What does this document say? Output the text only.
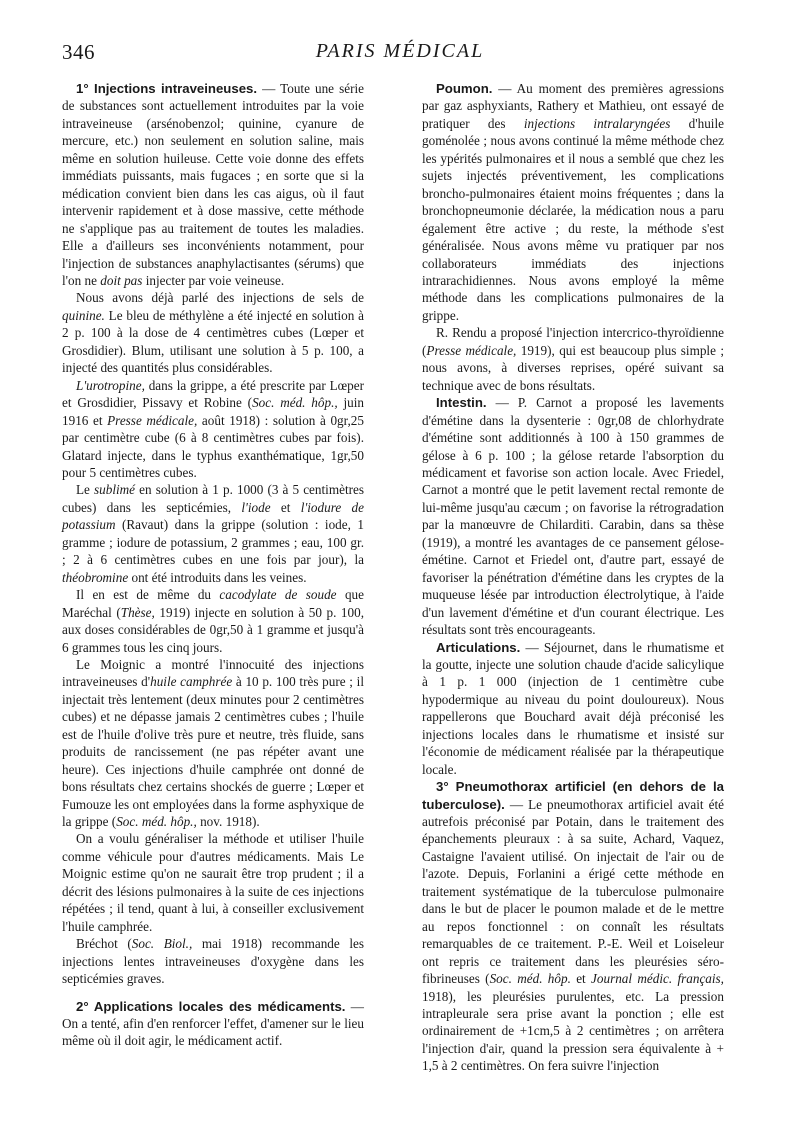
346	PARIS MÉDICAL

1° Injections intraveineuses. — Toute une série de substances sont actuellement introduites par la voie intraveineuse (arsénobenzol; quinine, cyanure de mercure, etc.) non seulement en solution saline, mais même en solution huileuse. Cette voie donne des effets immédiats puissants, mais fugaces ; en sorte que si la médication convient bien dans les cas aigus, où il faut intervenir rapidement et à dose massive, cette méthode ne s'applique pas au traitement de toutes les maladies. Elle a d'ailleurs ses inconvénients notamment, pour l'injection de substances anaphylactisantes (sérums) que l'on ne doit pas injecter par voie veineuse.

Nous avons déjà parlé des injections de sels de quinine. Le bleu de méthylène a été injecté en solution à 2 p. 100 à la dose de 4 centimètres cubes (Lœper et Grosdidier). Blum, utilisant une solution à 5 p. 100, a injecté des quantités plus considérables.

L'urotropine, dans la grippe, a été prescrite par Lœper et Grosdidier, Pissavy et Robine (Soc. méd. hôp., juin 1916 et Presse médicale, août 1918) : solution à 0gr,25 par centimètre cube (6 à 8 centimètres cubes par fois). Glatard injecte, dans le typhus exanthématique, 1gr,50 pour 5 centimètres cubes.

Le sublimé en solution à 1 p. 1000 (3 à 5 centimètres cubes) dans les septicémies, l'iode et l'iodure de potassium (Ravaut) dans la grippe (solution : iode, 1 gramme ; iodure de potassium, 2 grammes ; eau, 100 gr. ; 2 à 6 centimètres cubes en une fois par jour), la théobromine ont été introduits dans les veines.

Il en est de même du cacodylate de soude que Maréchal (Thèse, 1919) injecte en solution à 50 p. 100, aux doses considérables de 0gr,50 à 1 gramme et jusqu'à 6 grammes tous les cinq jours.

Le Moignic a montré l'innocuité des injections intraveineuses d'huile camphrée à 10 p. 100 très pure ; il injectait très lentement (deux minutes pour 2 centimètres cubes) et ne dépasse jamais 2 centimètres cubes ; l'huile est de l'huile d'olive très pure et neutre, très fluide, sans produits de rancissement (ne pas répéter avant une heure). Ces injections d'huile camphrée ont donné de bons résultats chez certains shockés de guerre ; Lœper et Fumouze les ont employées dans la forme asphyxique de la grippe (Soc. méd. hôp., nov. 1918).

On a voulu généraliser la méthode et utiliser l'huile comme véhicule pour d'autres médicaments. Mais Le Moignic estime qu'on ne saurait être trop prudent ; il a décrit des lésions pulmonaires à la suite de ces injections répétées ; il tend, quant à lui, à conseiller exclusivement l'huile camphrée.

Bréchot (Soc. Biol., mai 1918) recommande les injections lentes intraveineuses d'oxygène dans les septicémies graves.

2° Applications locales des médicaments. — On a tenté, afin d'en renforcer l'effet, d'amener sur le lieu même où il doit agir, le médicament actif.

Poumon. — Au moment des premières agressions par gaz asphyxiants, Rathery et Mathieu, ont essayé de pratiquer des injections intralaryngées d'huile goménolée ; nous avons continué la même méthode chez les ypérités pulmonaires et il nous a semblé que chez les sujets injectés préventivement, les complications broncho-pulmonaires étaient moins fréquentes ; dans la bronchopneumonie déclarée, la médication nous a paru également être active ; du reste, la méthode s'est généralisée. Nous avons même vu pratiquer par nos collaborateurs immédiats des injections intrarachidiennes. Nous avons employé la même méthode dans les complications pulmonaires de la grippe.

R. Rendu a proposé l'injection intercrico-thyroïdienne (Presse médicale, 1919), qui est beaucoup plus simple ; nous avons, à diverses reprises, opéré suivant sa technique avec de bons résultats.

Intestin. — P. Carnot a proposé les lavements d'émétine dans la dysenterie : 0gr,08 de chlorhydrate d'émétine sont additionnés à 100 à 150 grammes de gélose à 6 p. 100 ; la gélose retarde l'absorption du médicament et favorise son action locale. Avec Friedel, Carnot a montré que le petit lavement rectal remonte de lui-même jusqu'au cæcum ; on favorise la rétrogradation par la manœuvre de Chilarditi. Carabin, dans sa thèse (1919), a montré les avantages de ce pansement gélose-émétine. Carnot et Friedel ont, d'autre part, essayé de favoriser la pénétration d'émétine dans les cryptes de la muqueuse lésée par introduction électrolytique, à l'aide d'un lavement d'émétine et d'un courant électrique. Les résultats sont très encourageants.

Articulations. — Séjournet, dans le rhumatisme et la goutte, injecte une solution chaude d'acide salicylique à 1 p. 1 000 (injection de 1 centimètre cube hypodermique au niveau du point douloureux). Nous rappellerons que Bouchard avait déjà préconisé les injections locales dans le rhumatisme et insisté sur l'économie de médicament réalisée par la thérapeutique locale.

3° Pneumothorax artificiel (en dehors de la tuberculose). — Le pneumothorax artificiel avait été autrefois préconisé par Potain, dans le traitement des épanchements pleuraux : à sa suite, Achard, Vaquez, Castaigne l'avaient utilisé. On injectait de l'air ou de l'azote. Depuis, Forlanini a érigé cette méthode en traitement systématique de la tuberculose pulmonaire dans le but de placer le poumon malade et de le mettre au repos fonctionnel : on connaît les résultats remarquables de ce traitement. P.-E. Weil et Loiseleur ont repris ce traitement dans les pleurésies séro-fibrineuses (Soc. méd. hôp. et Journal médic. français, 1918), les pleurésies purulentes, etc. La pression intrapleurale sera prise avant la ponction ; elle est ordinairement de +1cm,5 à 2 centimètres ; on arrêtera l'injection d'air, quand la pression sera équivalente à + 1,5 à 2 centimètres. On fera suivre l'injection
